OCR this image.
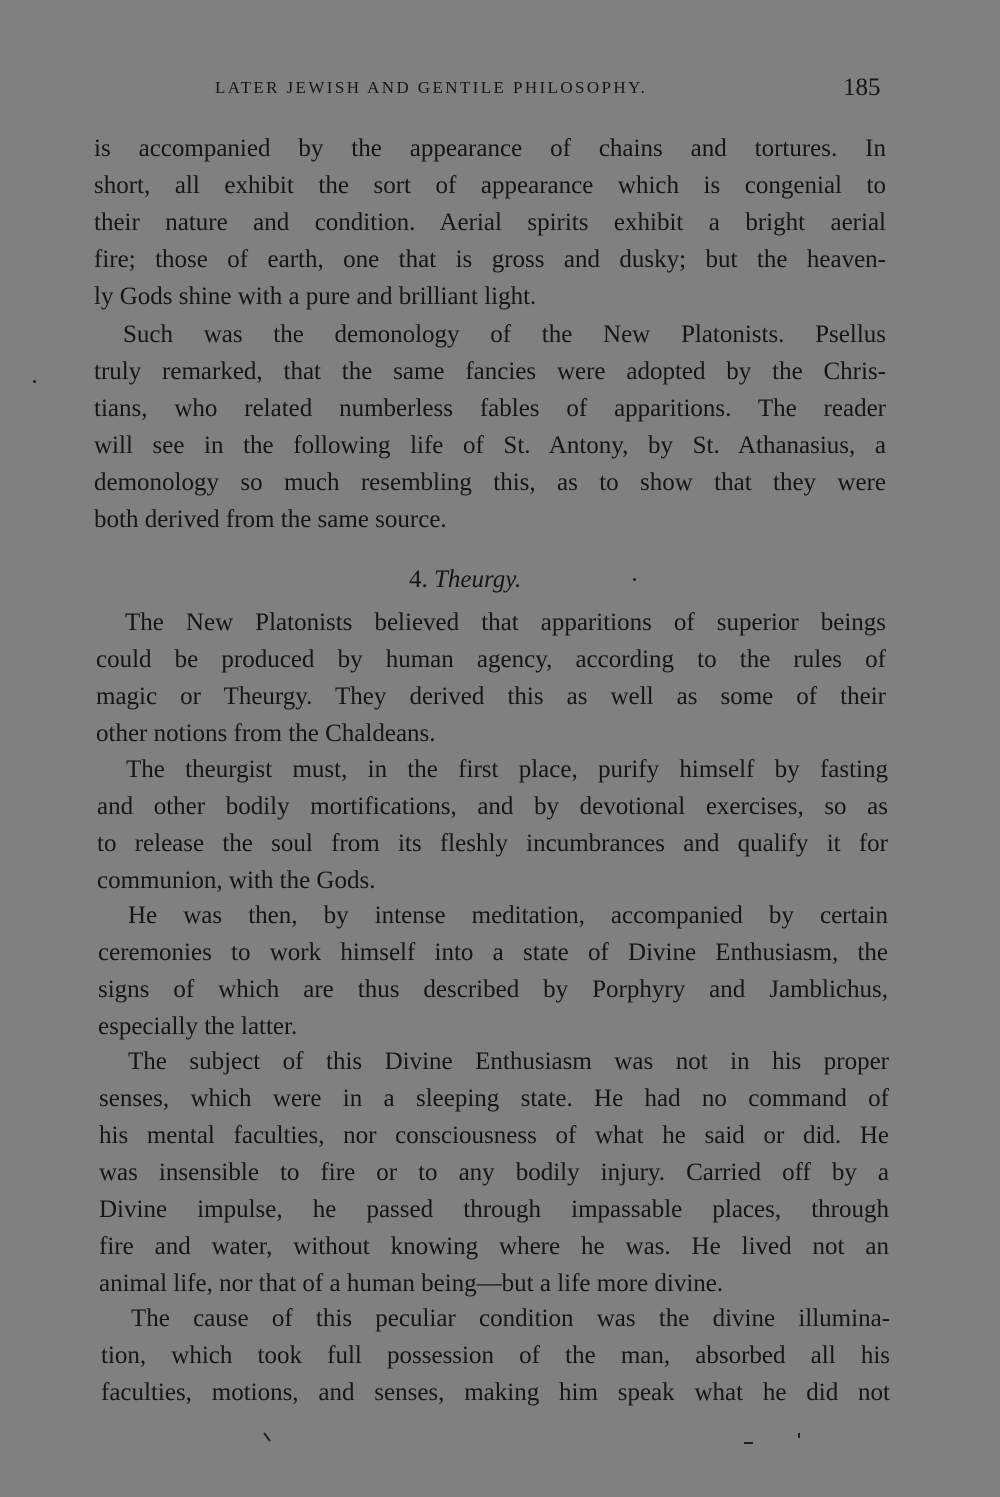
LATER JEWISH AND GENTILE PHILOSOPHY.	185
is accompanied by the appearance of chains and tortures. In
short, all exhibit the sort of appearance which is congenial to
their nature and condition. Aerial spirits exhibit a bright aerial
fire; those of earth, one that is gross and dusky; but the heaven-
ly Gods shine with a pure and brilliant light.
Such was the demonology of the New Platonists. Psellus
truly remarked, that the same fancies were adopted by the Chris-
tians, who related numberless fables of apparitions. The reader
will see in the following life of St. Antony, by St. Athanasius, a
demonology so much resembling this, as to show that they were
both derived from the same source.
4. Theurgy.
The New Platonists believed that apparitions of superior beings
could be produced by human agency, according to the rules of
magic or Theurgy. They derived this as well as some of their
other notions from the Chaldeans.
The theurgist must, in the first place, purify himself by fasting
and other bodily mortifications, and by devotional exercises, so as
to release the soul from its fleshly incumbrances and qualify it for
communion, with the Gods.
He was then, by intense meditation, accompanied by certain
ceremonies to work himself into a state of Divine Enthusiasm, the
signs of which are thus described by Porphyry and Jamblichus,
especially the latter.
The subject of this Divine Enthusiasm was not in his proper
senses, which were in a sleeping state. He had no command of
his mental faculties, nor consciousness of what he said or did. He
was insensible to fire or to any bodily injury. Carried off by a
Divine impulse, he passed through impassable places, through
fire and water, without knowing where he was. He lived not an
animal life, nor that of a human being—but a life more divine.
The cause of this peculiar condition was the divine illumina-
tion, which took full possession of the man, absorbed all his
faculties, motions, and senses, making him speak what he did not
